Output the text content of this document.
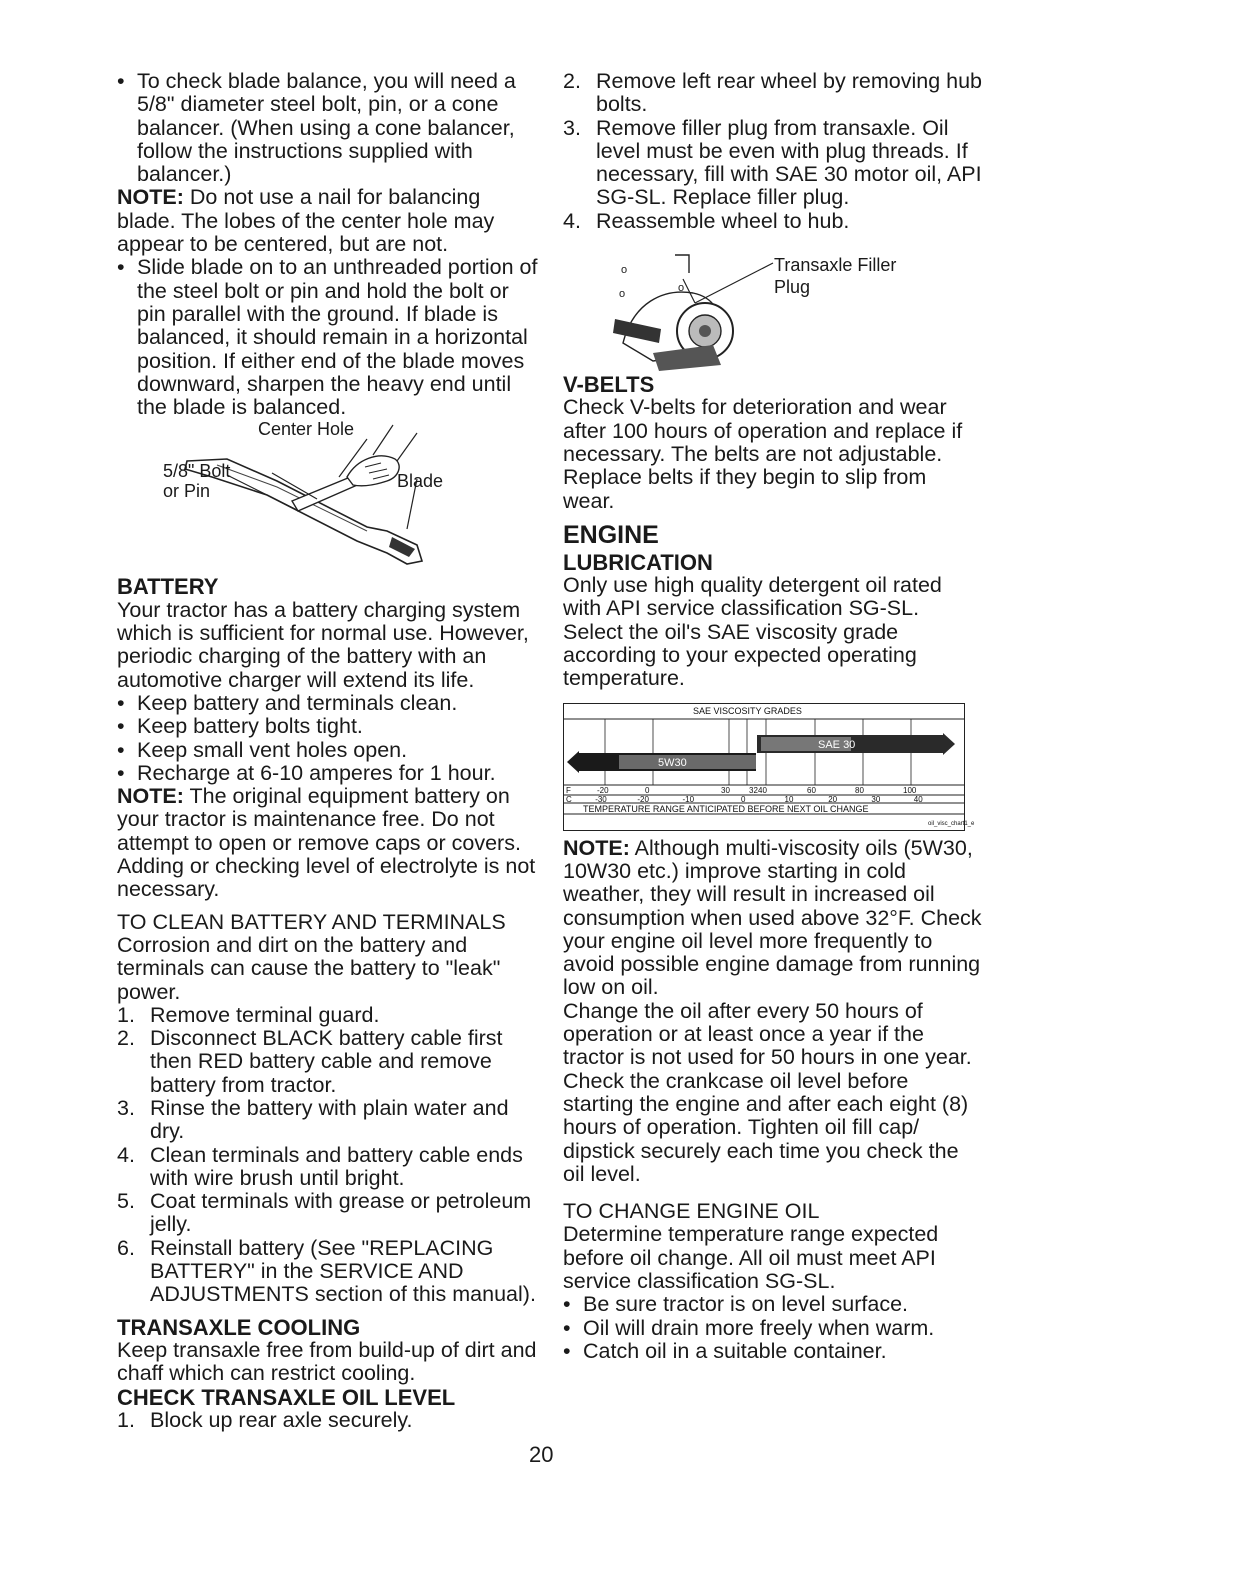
• To check blade balance, you will need a 5/8" diameter steel bolt, pin, or a cone balancer. (When using a cone balancer, follow the instructions supplied with balancer.)

NOTE: Do not use a nail for balancing blade. The lobes of the center hole may appear to be centered, but are not.

• Slide blade on to an unthreaded portion of the steel bolt or pin and hold the bolt or pin parallel with the ground. If blade is balanced, it should remain in a horizontal position. If either end of the blade moves downward, sharpen the heavy end until the blade is balanced.

Center Hole
5/8" Bolt
or Pin	Blade

BATTERY

Your tractor has a battery charging system which is sufficient for normal use. However, periodic charging of the battery with an automotive charger will extend its life.

• Keep battery and terminals clean.

• Keep battery bolts tight.

• Keep small vent holes open.

• Recharge at 6-10 amperes for 1 hour.

NOTE: The original equipment battery on your tractor is maintenance free. Do not attempt to open or remove caps or covers. Adding or checking level of electrolyte is not necessary.

TO CLEAN BATTERY AND TERMINALS

Corrosion and dirt on the battery and terminals can cause the battery to "leak" power.

1. Remove terminal guard.

2. Disconnect BLACK battery cable first then RED battery cable and remove battery from tractor.

3. Rinse the battery with plain water and dry.

4. Clean terminals and battery cable ends with wire brush until bright.

5. Coat terminals with grease or petroleum jelly.

6. Reinstall battery (See "REPLACING BATTERY" in the SERVICE AND ADJUSTMENTS section of this manual).

TRANSAXLE COOLING

Keep transaxle free from build-up of dirt and chaff which can restrict cooling.

CHECK TRANSAXLE OIL LEVEL

1. Block up rear axle securely.

2. Remove left rear wheel by removing hub bolts.

3. Remove filler plug from transaxle. Oil level must be even with plug threads. If necessary, fill with SAE 30 motor oil, API SG-SL. Replace filler plug.

4. Reassemble wheel to hub.

o
o	o
Transaxle Filler
Plug

V-BELTS

Check V-belts for deterioration and wear after 100 hours of operation and replace if necessary. The belts are not adjustable. Replace belts if they begin to slip from wear.

ENGINE

LUBRICATION

Only use high quality detergent oil rated with API service classification SG-SL. Select the oil's SAE viscosity grade according to your expected operating temperature.

5W30
SAE 30
F	-20	0	30 32 40	60	80	100
C	-30	-20	-10	0	10	20	30	40
SAE VISCOSITY GRADES
TEMPERATURE RANGE ANTICIPATED BEFORE NEXT OIL CHANGE
oil_visc_chart1_e

NOTE: Although multi-viscosity oils (5W30, 10W30 etc.) improve starting in cold weather, they will result in increased oil consumption when used above 32°F. Check your engine oil level more frequently to avoid possible engine damage from running low on oil.

Change the oil after every 50 hours of operation or at least once a year if the tractor is not used for 50 hours in one year.

Check the crankcase oil level before starting the engine and after each eight (8) hours of operation. Tighten oil fill cap/ dipstick securely each time you check the oil level.

TO CHANGE ENGINE OIL

Determine temperature range expected before oil change. All oil must meet API service classification SG-SL.

• Be sure tractor is on level surface.

• Oil will drain more freely when warm.

• Catch oil in a suitable container.

20
